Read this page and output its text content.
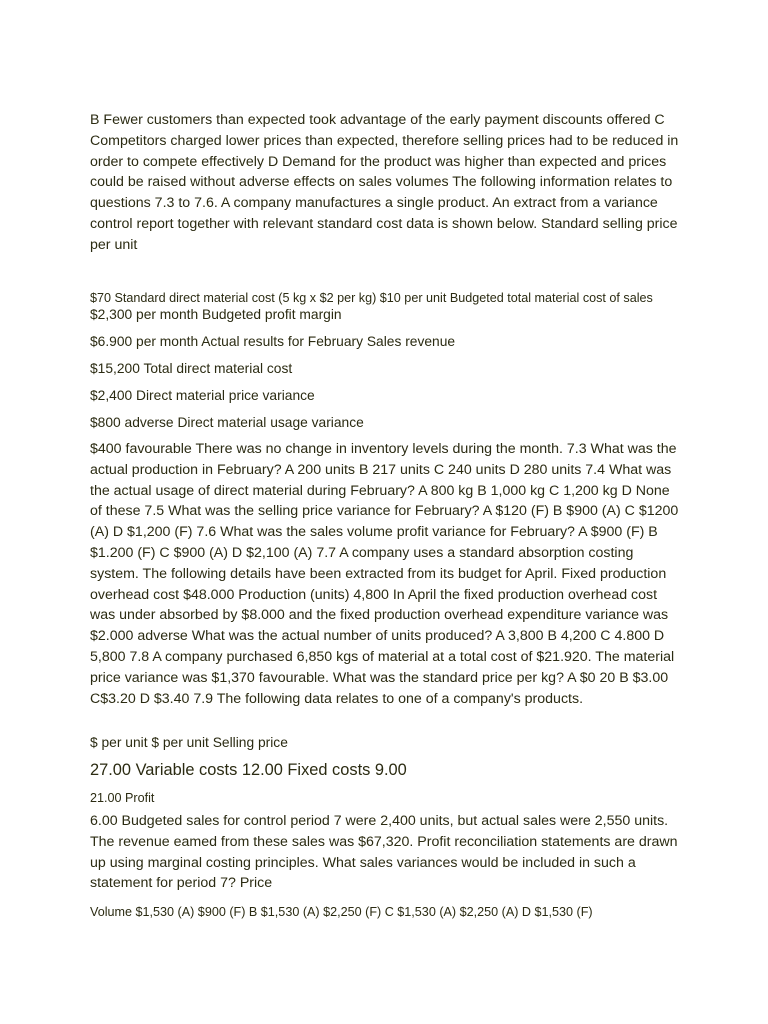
B Fewer customers than expected took advantage of the early payment discounts offered C Competitors charged lower prices than expected, therefore selling prices had to be reduced in order to compete effectively D Demand for the product was higher than expected and prices could be raised without adverse effects on sales volumes The following information relates to questions 7.3 to 7.6. A company manufactures a single product. An extract from a variance control report together with relevant standard cost data is shown below. Standard selling price per unit

$70 Standard direct material cost (5 kg x $2 per kg) $10 per unit Budgeted total material cost of sales

$2,300 per month Budgeted profit margin

$6.900 per month Actual results for February Sales revenue

$15,200 Total direct material cost

$2,400 Direct material price variance

$800 adverse Direct material usage variance

$400 favourable There was no change in inventory levels during the month. 7.3 What was the actual production in February? A 200 units B 217 units C 240 units D 280 units 7.4 What was the actual usage of direct material during February? A 800 kg B 1,000 kg C 1,200 kg D None of these 7.5 What was the selling price variance for February? A $120 (F) B $900 (A) C $1200 (A) D $1,200 (F) 7.6 What was the sales volume profit variance for February? A $900 (F) B $1.200 (F) C $900 (A) D $2,100 (A) 7.7 A company uses a standard absorption costing system. The following details have been extracted from its budget for April. Fixed production overhead cost $48.000 Production (units) 4,800 In April the fixed production overhead cost was under absorbed by $8.000 and the fixed production overhead expenditure variance was $2.000 adverse What was the actual number of units produced? A 3,800 B 4,200 C 4.800 D 5,800 7.8 A company purchased 6,850 kgs of material at a total cost of $21.920. The material price variance was $1,370 favourable. What was the standard price per kg? A $0 20 B $3.00 C$3.20 D $3.40 7.9 The following data relates to one of a company's products.

$ per unit $ per unit Selling price

27.00 Variable costs 12.00 Fixed costs 9.00

21.00 Profit

6.00 Budgeted sales for control period 7 were 2,400 units, but actual sales were 2,550 units. The revenue eamed from these sales was $67,320. Profit reconciliation statements are drawn up using marginal costing principles. What sales variances would be included in such a statement for period 7? Price

Volume $1,530 (A) $900 (F) B $1,530 (A) $2,250 (F) C $1,530 (A) $2,250 (A) D $1,530 (F)
